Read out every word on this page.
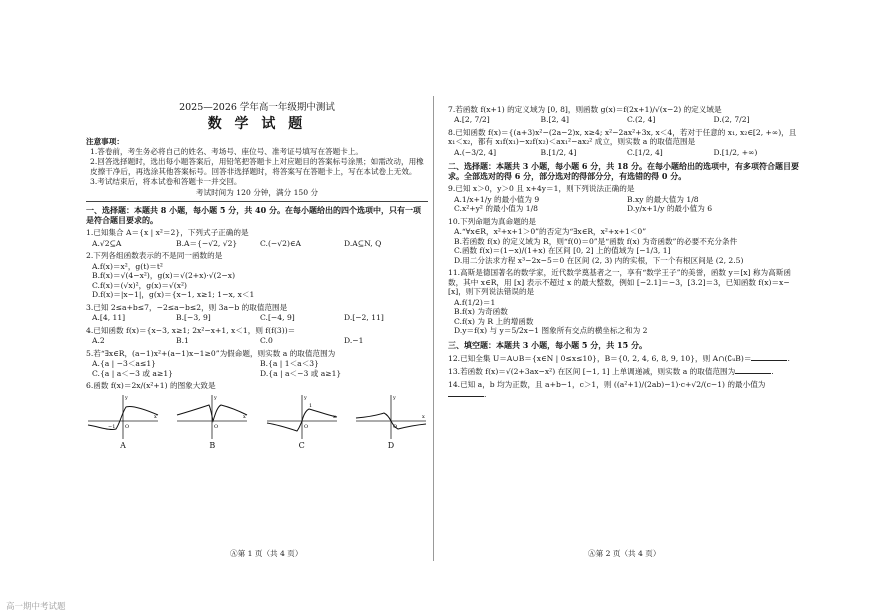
2025—2026 学年高一年级期中测试
数 学 试 题
注意事项：
1.答卷前，考生务必将自己的姓名、考场号、座位号、准考证号填写在答题卡上。
2.回答选择题时，选出每小题答案后，用铅笔把答题卡上对应题目的答案标号涂黑；如需改动，用橡皮擦干净后，再选涂其他答案标号。回答非选择题时，将答案写在答题卡上，写在本试卷上无效。
3.考试结束后，将本试卷和答题卡一并交回。
考试时间为 120 分钟，满分 150 分
一、选择题：本题共 8 小题，每小题 5 分，共 40 分。在每小题给出的四个选项中，只有一项是符合题目要求的。
1.已知集合 A＝{x | x²＝2}，下列式子正确的是
A.√2⊆A	B.A＝{−√2, √2}	C.(−√2)∈A	D.A⊆N, Q
2.下列各组函数表示的不是同一函数的是
A.f(x)＝x²，g(t)＝t²
B.f(x)＝√(4−x²)，g(x)＝√(2+x)·√(2−x)
C.f(x)＝(√x)²，g(x)＝√(x²)
D.f(x)＝|x−1|，g(x)＝{x−1, x≥1; 1−x, x＜1
3.已知 2≤a+b≤7，−2≤a−b≤2，则 3a−b 的取值范围是
A.[4, 11]	B.[−3, 9]	C.[−4, 9]	D.[−2, 11]
4.已知函数 f(x)＝{x−3, x≥1; 2x²−x+1, x＜1，则 f(f(3))＝
A.2	B.1	C.0	D.−1
5.若“∃x∈R，(a−1)x²+(a−1)x−1≥0”为假命题，则实数 a 的取值范围为
A.{a | −3＜a≤1}	B.{a | 1＜a＜3}
C.{a | a＜−3 或 a≥1}	D.{a | a＜−3 或 a≥1}
6.函数 f(x)＝2x/(x²+1) 的图象大致是
x
y
O
−1
A
x
y
O
B
x
y
O
1
C
x
y
O
D
7.若函数 f(x+1) 的定义域为 [0, 8]，则函数 g(x)＝f(2x+1)/√(x−2) 的定义域是
A.[2, 7/2]	B.[2, 4]	C.(2, 4]	D.(2, 7/2]
8.已知函数 f(x)＝{(a+3)x²−(2a−2)x, x≥4; x²−2ax²+3x, x＜4，若对于任意的 x₁, x₂∈[2, +∞)，且 x₁＜x₂，都有 x₁f(x₁)−x₂f(x₂)＜ax₁²−ax₂² 成立，则实数 a 的取值范围是
A.(−3/2, 4]	B.[1/2, 4]	C.[1/2, 4]	D.[1/2, +∞)
二、选择题：本题共 3 小题，每小题 6 分，共 18 分。在每小题给出的选项中，有多项符合题目要求。全部选对的得 6 分，部分选对的得部分分，有选错的得 0 分。
9.已知 x＞0，y＞0 且 x+4y＝1，则下列说法正确的是
A.1/x+1/y 的最小值为 9	B.xy 的最大值为 1/8
C.x²+y² 的最小值为 1/8	D.y/x+1/y 的最小值为 6
10.下列命题为真命题的是
A.“∀x∈R，x²+x+1＞0”的否定为“∃x∈R，x²+x+1＜0”
B.若函数 f(x) 的定义域为 R，则“f(0)＝0”是“函数 f(x) 为奇函数”的必要不充分条件
C.函数 f(x)＝(1−x)/(1+x) 在区间 [0, 2] 上的值域为 [−1/3, 1]
D.用二分法求方程 x³−2x−5＝0 在区间 (2, 3) 内的实根，下一个有根区间是 (2, 2.5)
11.高斯是德国著名的数学家，近代数学奠基者之一，享有“数学王子”的美誉，函数 y＝[x] 称为高斯函数，其中 x∈R，用 [x] 表示不超过 x 的最大整数，例如 [−2.1]＝−3，[3.2]＝3，已知函数 f(x)＝x−[x]，则下列说法错误的是
A.f(1/2)＝1
B.f(x) 为奇函数
C.f(x) 为 R 上的增函数
D.y＝f(x) 与 y＝5/2x−1 图象所有交点的横坐标之和为 2
三、填空题：本题共 3 小题，每小题 5 分，共 15 分。
12.已知全集 U＝A∪B＝{x∈N | 0≤x≤10}，B＝{0, 2, 4, 6, 8, 9, 10}，则 A∩(∁ᵤB)＝	.
13.若函数 f(x)＝√(2+3ax−x²) 在区间 [−1, 1] 上单调递减，则实数 a 的取值范围为	.
14.已知 a，b 均为正数，且 a+b−1，c＞1，则 ((a²+1)/(2ab)−1)·c+√2/(c−1) 的最小值为.
Ⓐ第 1 页（共 4 页）	Ⓐ第 2 页（共 4 页）
高一期中考试题
